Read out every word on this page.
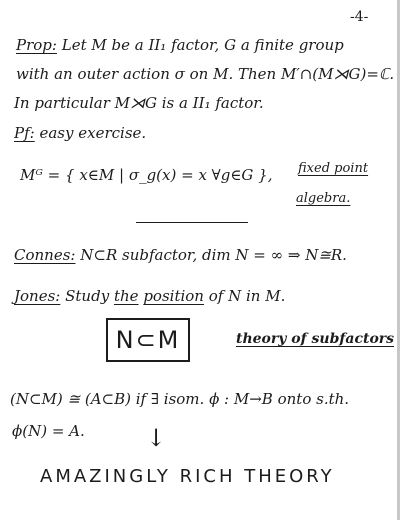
-4-
Prop: Let M be a II₁ factor, G a finite group
with an outer action σ on M. Then M′∩(M⋊G)=ℂ.
In particular M⋊G is a II₁ factor.
Pf: easy exercise.
Mᴳ = { x∈M | σ_g(x) = x ∀g∈G }, fixed point
algebra.
Connes: N⊂R subfactor, dim N = ∞ ⇒ N≅R.
Jones: Study the position of N in M.
N⊂M	theory of subfactors
(N⊂M) ≅ (A⊂B) if ∃ isom. ϕ : M→B onto s.th.
ϕ(N) = A.	↓
AMAZINGLY RICH THEORY
